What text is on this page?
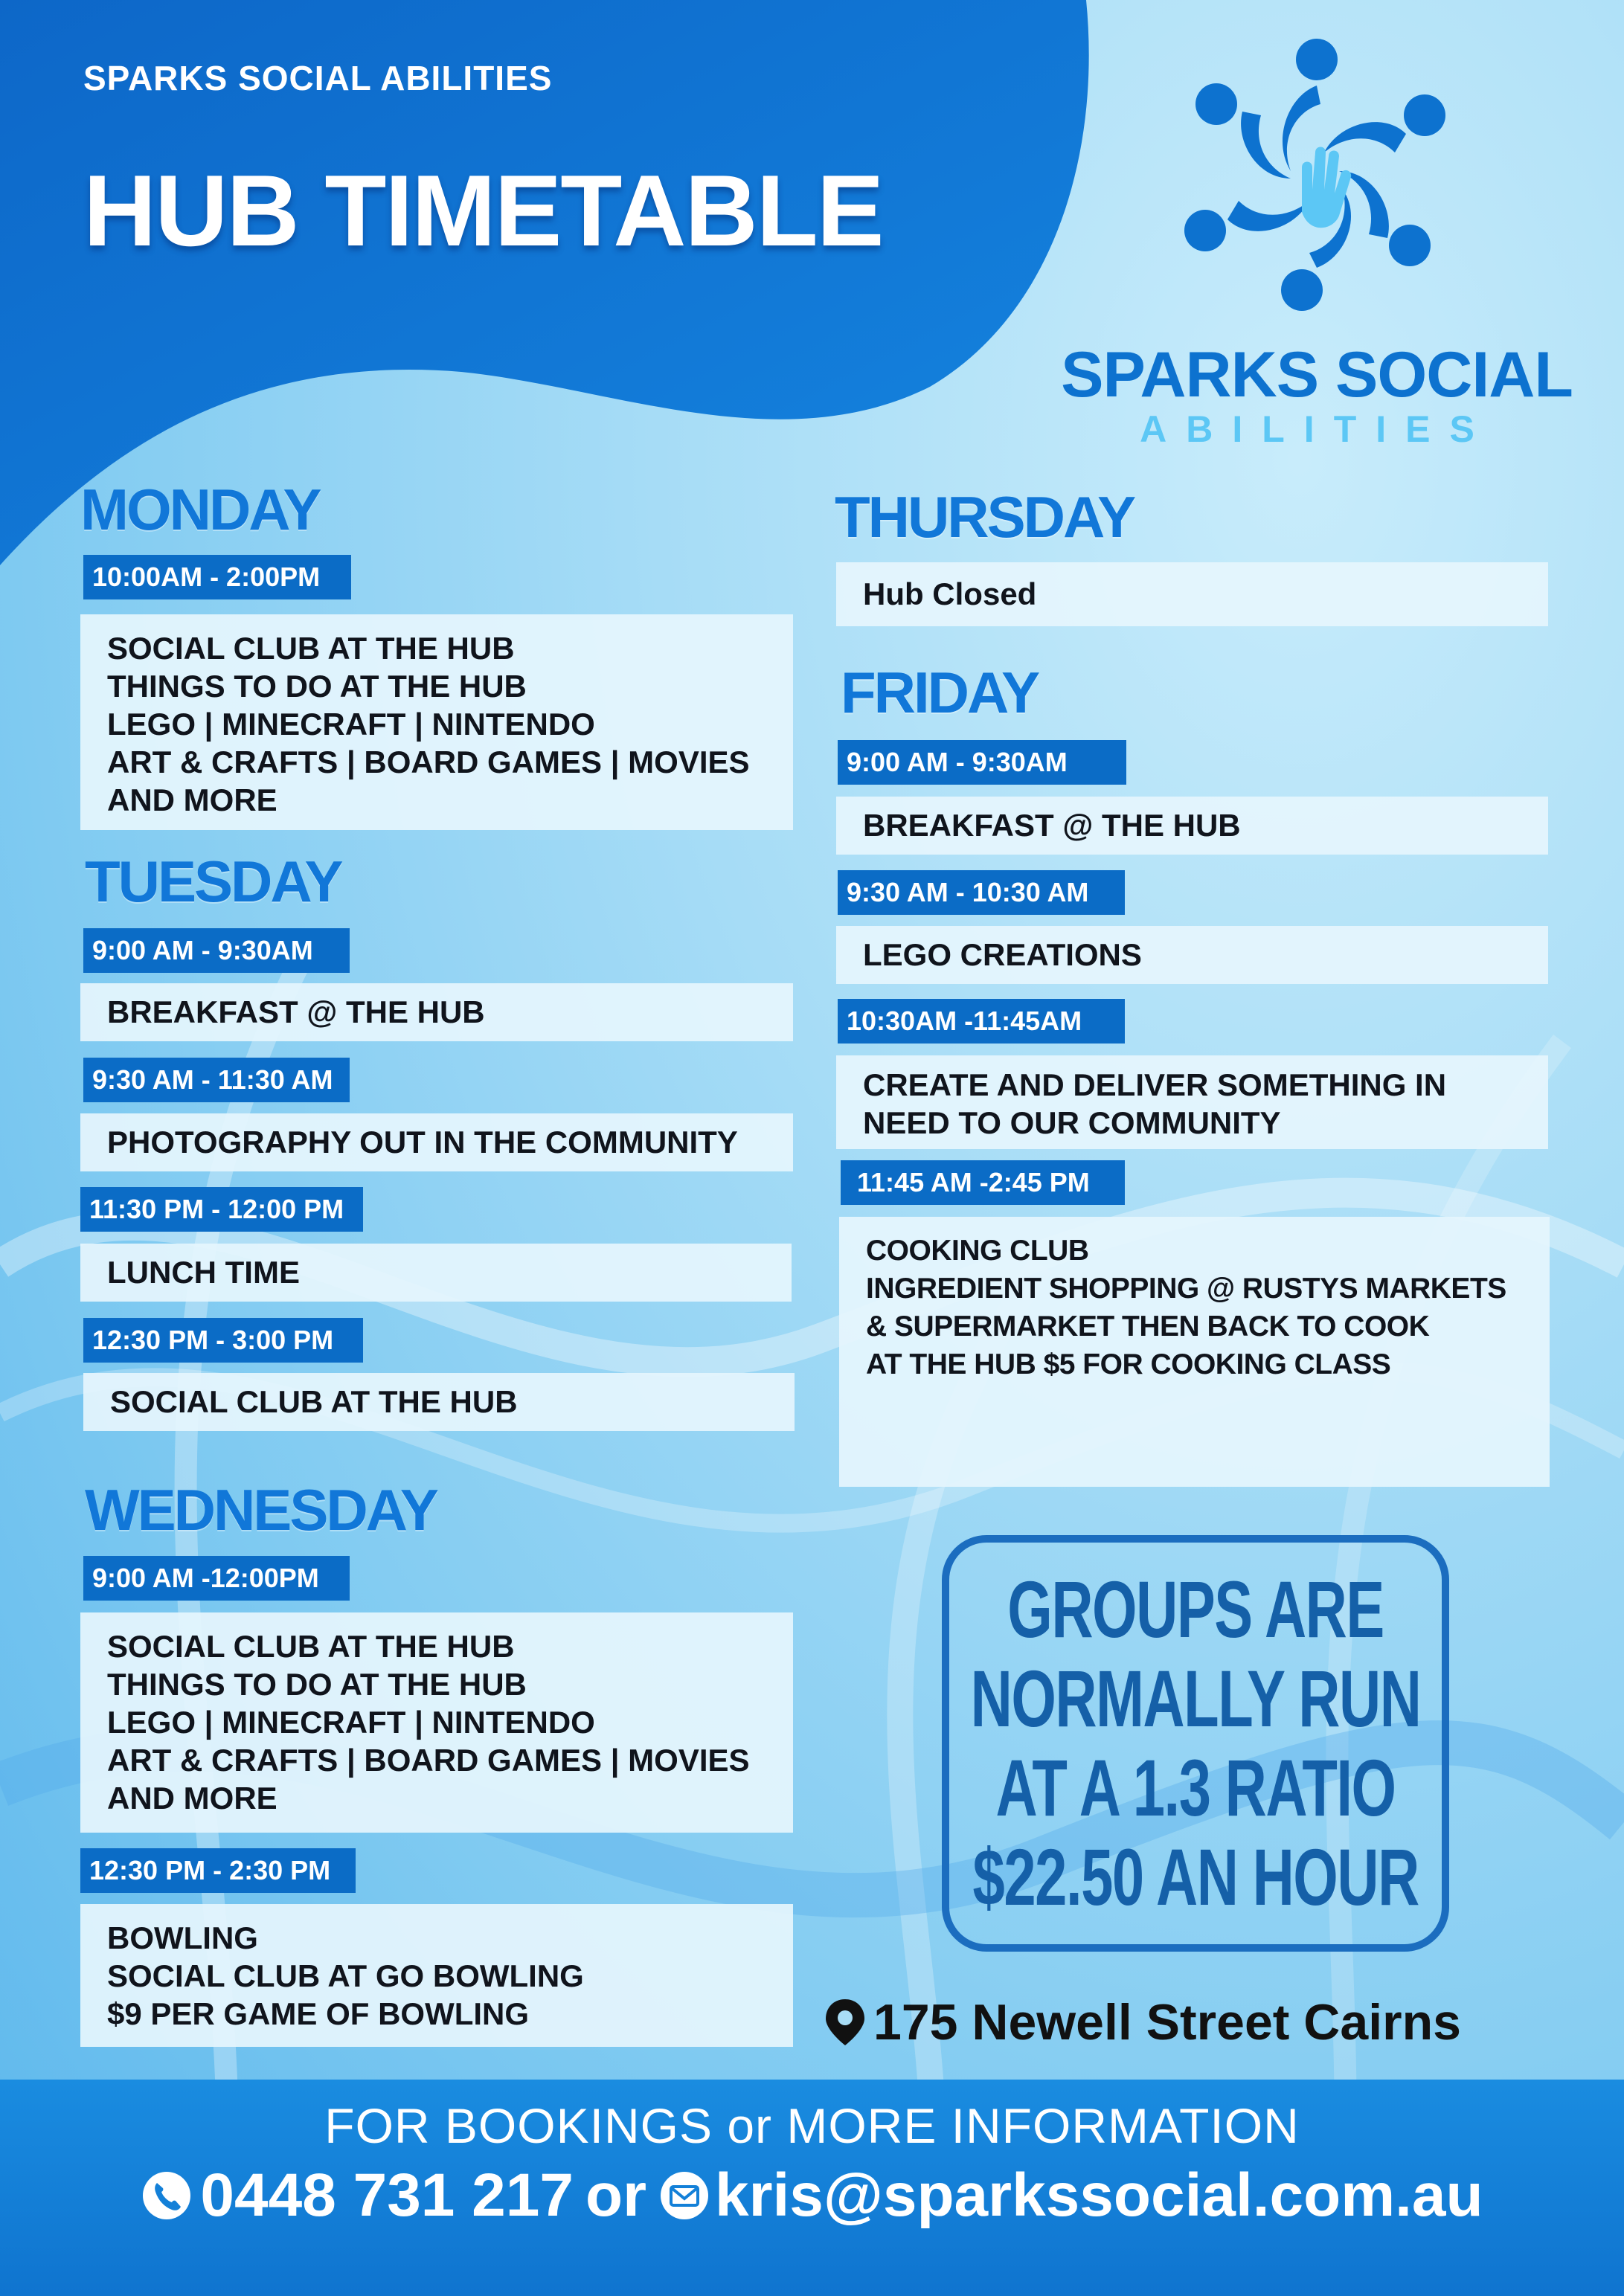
SPARKS SOCIAL ABILITIES
HUB TIMETABLE
SPARKS SOCIAL
ABILITIES
MONDAY
10:00AM - 2:00PM
SOCIAL CLUB AT THE HUB
THINGS TO DO AT THE HUB
LEGO | MINECRAFT | NINTENDO
ART & CRAFTS | BOARD GAMES | MOVIES
AND MORE
TUESDAY
9:00 AM - 9:30AM
BREAKFAST @ THE HUB
9:30 AM - 11:30 AM
PHOTOGRAPHY OUT IN THE COMMUNITY
11:30 PM - 12:00 PM
LUNCH TIME
12:30 PM - 3:00 PM
SOCIAL CLUB AT THE HUB
WEDNESDAY
9:00 AM -12:00PM
SOCIAL CLUB AT THE HUB
THINGS TO DO AT THE HUB
LEGO | MINECRAFT | NINTENDO
ART & CRAFTS | BOARD GAMES | MOVIES
AND MORE
12:30 PM - 2:30 PM
BOWLING
SOCIAL CLUB AT GO BOWLING
$9 PER GAME OF BOWLING
THURSDAY
Hub Closed
FRIDAY
9:00 AM - 9:30AM
BREAKFAST @ THE HUB
9:30 AM - 10:30 AM
LEGO CREATIONS
10:30AM -11:45AM
CREATE AND DELIVER SOMETHING IN
NEED TO OUR COMMUNITY
11:45 AM -2:45 PM
COOKING CLUB
INGREDIENT SHOPPING @ RUSTYS MARKETS
& SUPERMARKET THEN BACK TO COOK
AT THE HUB $5 FOR COOKING CLASS
GROUPS ARE
NORMALLY RUN
AT A 1.3 RATIO
$22.50 AN HOUR
175 Newell Street Cairns
FOR BOOKINGS or MORE INFORMATION
0448 731 217 or kris@sparkssocial.com.au
